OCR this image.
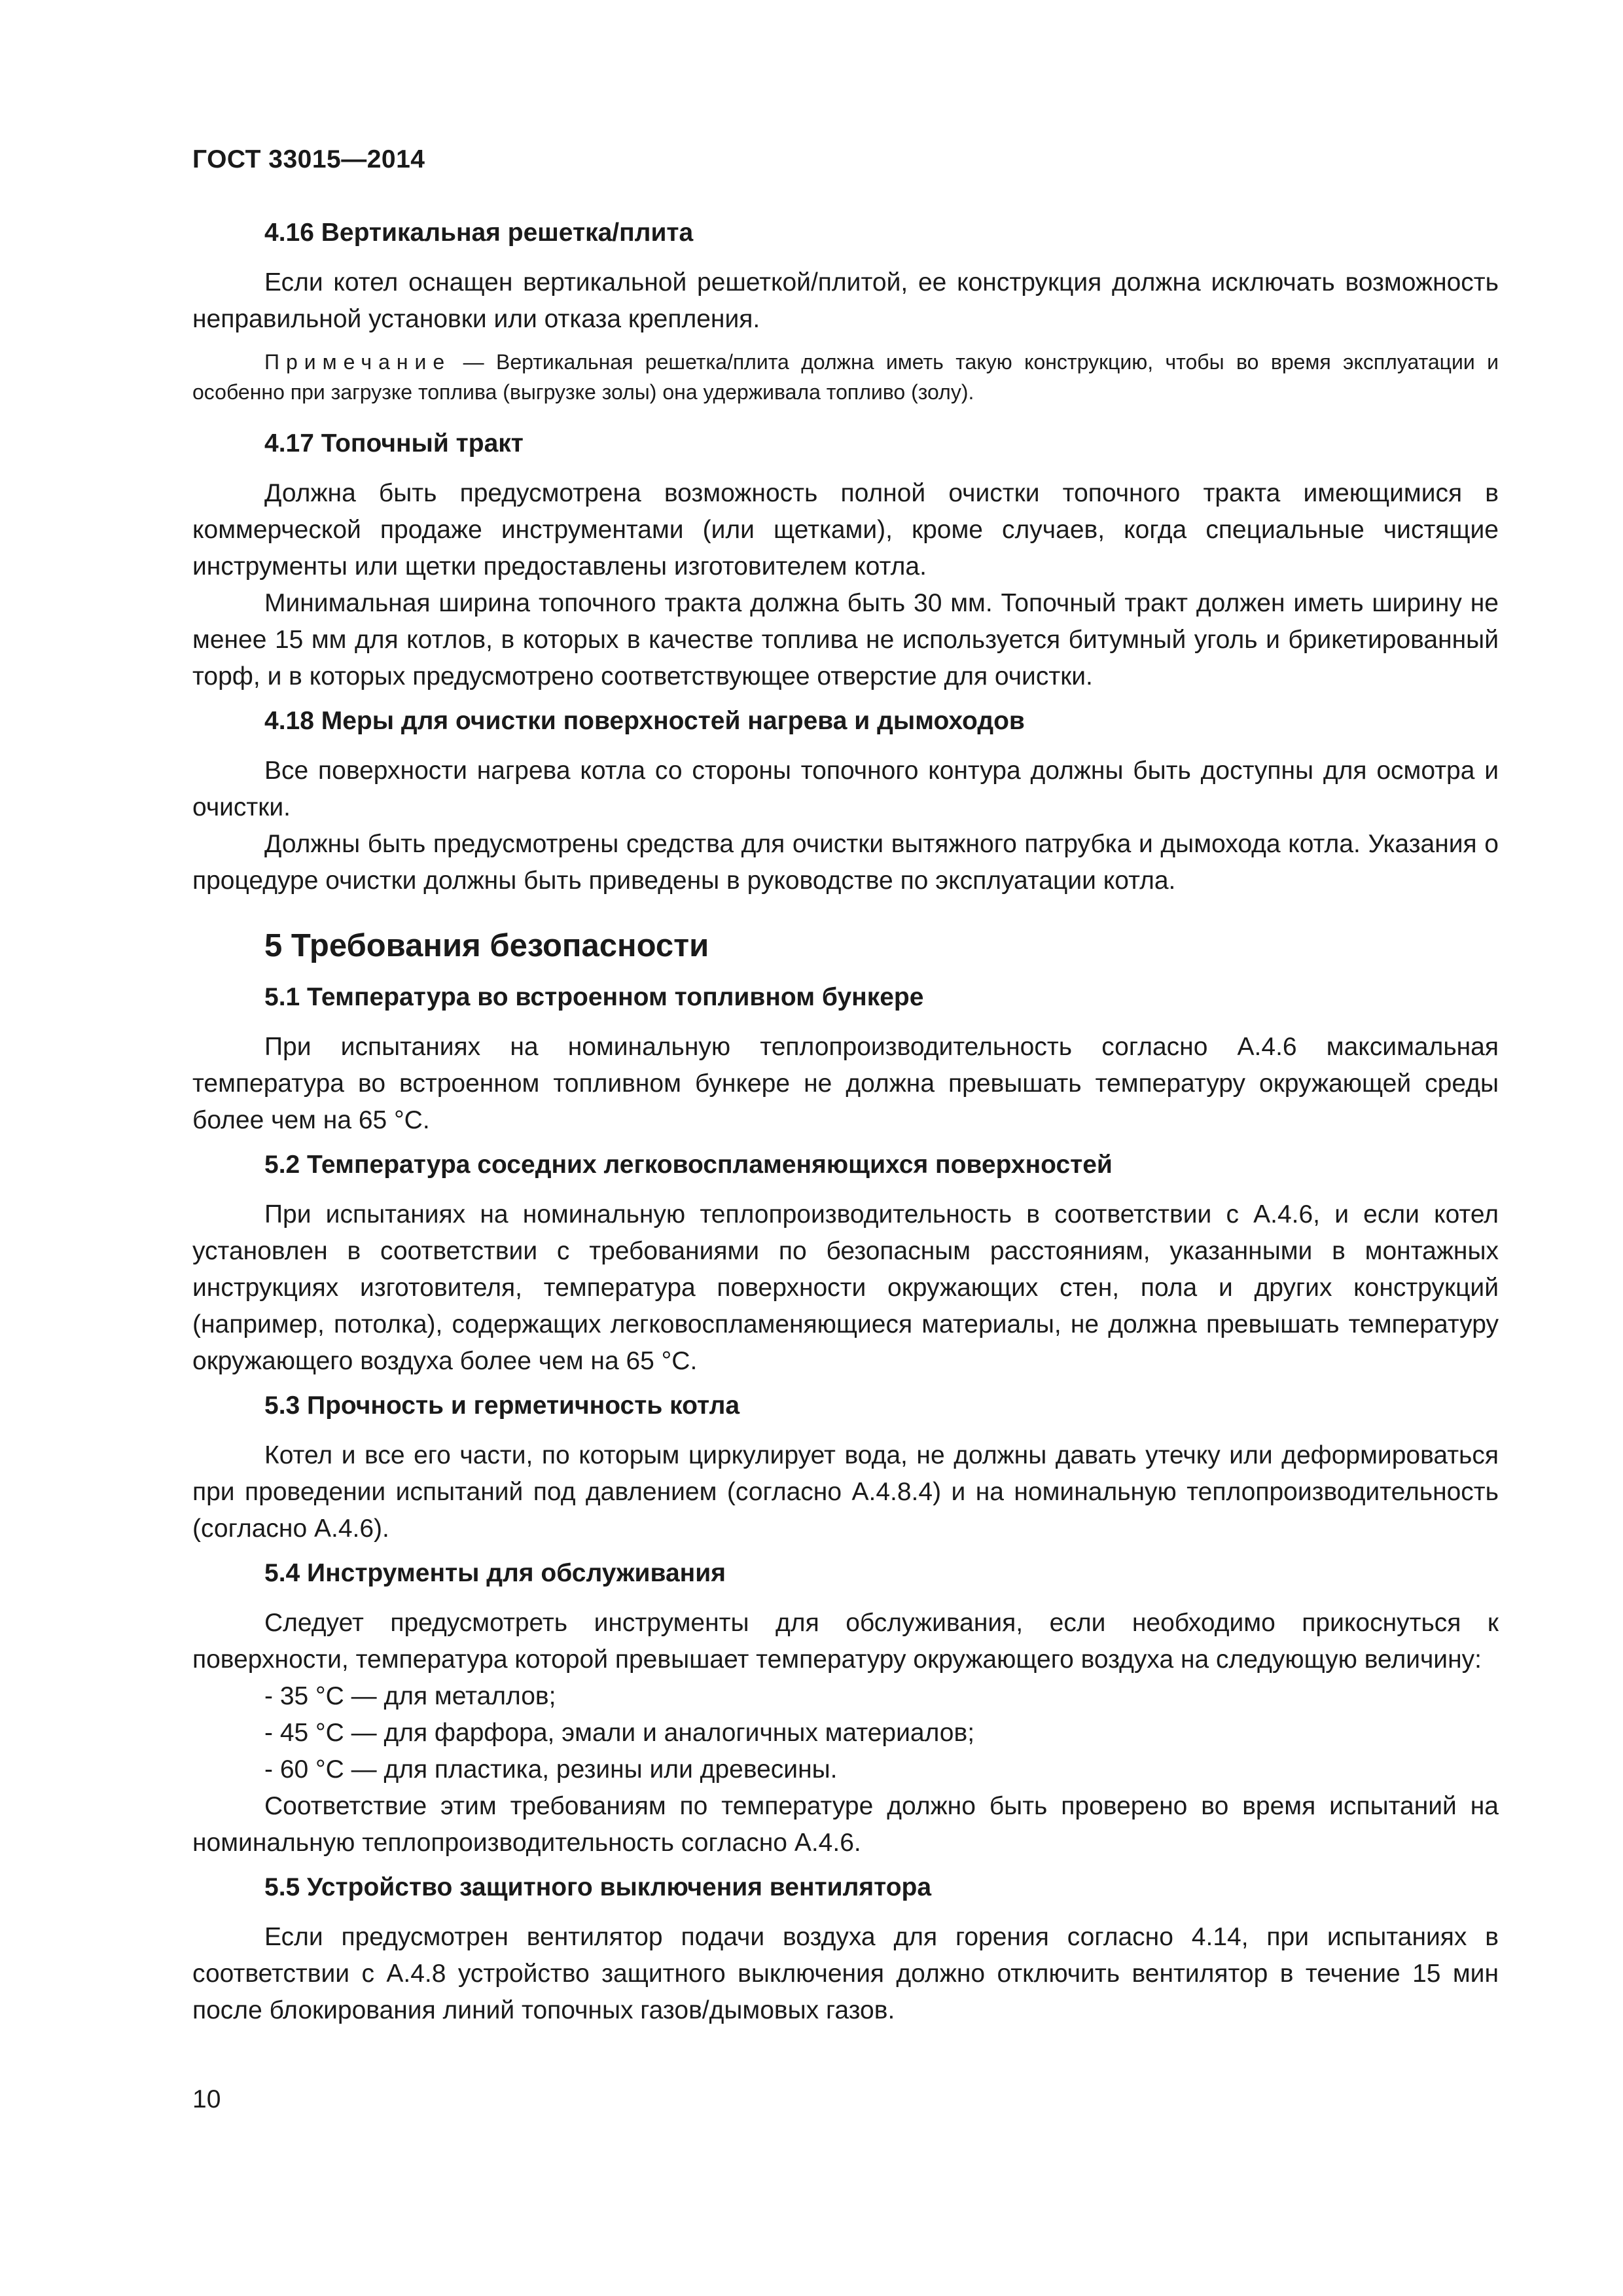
ГОСТ 33015—2014
4.16 Вертикальная решетка/плита

Если котел оснащен вертикальной решеткой/плитой, ее конструкция должна исключать возможность неправильной установки или отказа крепления.

Примечание — Вертикальная решетка/плита должна иметь такую конструкцию, чтобы во время эксплуатации и особенно при загрузке топлива (выгрузке золы) она удерживала топливо (золу).

4.17 Топочный тракт

Должна быть предусмотрена возможность полной очистки топочного тракта имеющимися в коммерческой продаже инструментами (или щетками), кроме случаев, когда специальные чистящие инструменты или щетки предоставлены изготовителем котла.

Минимальная ширина топочного тракта должна быть 30 мм. Топочный тракт должен иметь ширину не менее 15 мм для котлов, в которых в качестве топлива не используется битумный уголь и брикетированный торф, и в которых предусмотрено соответствующее отверстие для очистки.

4.18 Меры для очистки поверхностей нагрева и дымоходов

Все поверхности нагрева котла со стороны топочного контура должны быть доступны для осмотра и очистки.

Должны быть предусмотрены средства для очистки вытяжного патрубка и дымохода котла. Указания о процедуре очистки должны быть приведены в руководстве по эксплуатации котла.

5 Требования безопасности
5.1 Температура во встроенном топливном бункере

При испытаниях на номинальную теплопроизводительность согласно А.4.6 максимальная температура во встроенном топливном бункере не должна превышать температуру окружающей среды более чем на 65 °С.

5.2 Температура соседних легковоспламеняющихся поверхностей

При испытаниях на номинальную теплопроизводительность в соответствии с А.4.6, и если котел установлен в соответствии с требованиями по безопасным расстояниям, указанными в монтажных инструкциях изготовителя, температура поверхности окружающих стен, пола и других конструкций (например, потолка), содержащих легковоспламеняющиеся материалы, не должна превышать температуру окружающего воздуха более чем на 65 °С.

5.3 Прочность и герметичность котла

Котел и все его части, по которым циркулирует вода, не должны давать утечку или деформироваться при проведении испытаний под давлением (согласно А.4.8.4) и на номинальную теплопроизводительность (согласно А.4.6).

5.4 Инструменты для обслуживания

Следует предусмотреть инструменты для обслуживания, если необходимо прикоснуться к поверхности, температура которой превышает температуру окружающего воздуха на следующую величину:

- 35 °С — для металлов;

- 45 °С — для фарфора, эмали и аналогичных материалов;

- 60 °С — для пластика, резины или древесины.

Соответствие этим требованиям по температуре должно быть проверено во время испытаний на номинальную теплопроизводительность согласно А.4.6.

5.5 Устройство защитного выключения вентилятора

Если предусмотрен вентилятор подачи воздуха для горения согласно 4.14, при испытаниях в соответствии с А.4.8 устройство защитного выключения должно отключить вентилятор в течение 15 мин после блокирования линий топочных газов/дымовых газов.

10
